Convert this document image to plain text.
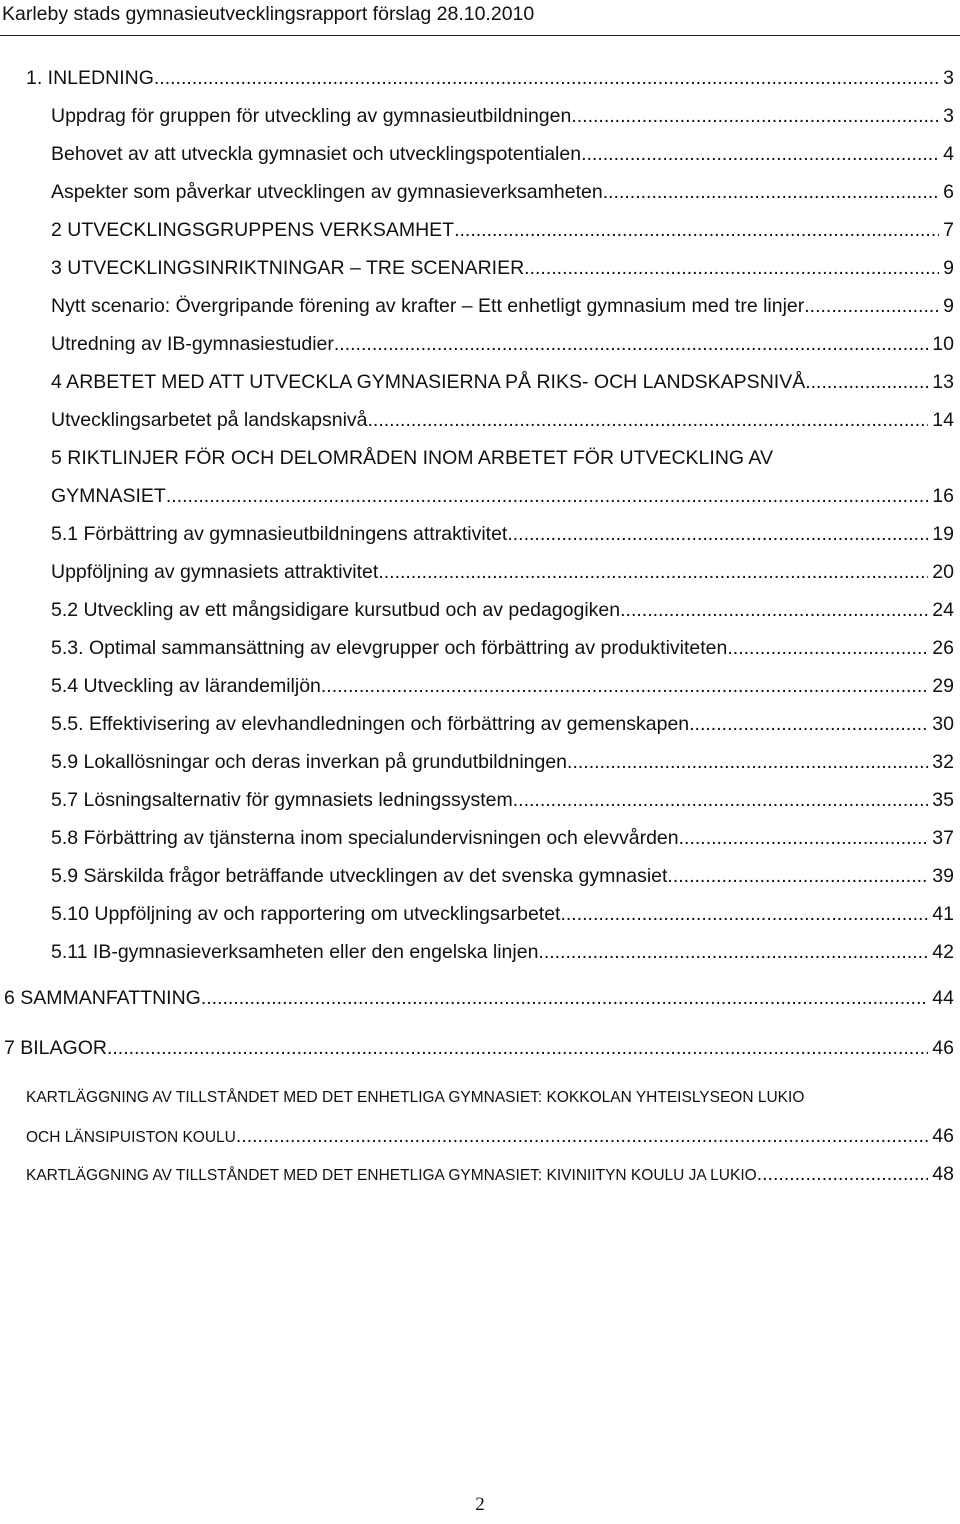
Karleby stads gymnasieutvecklingsrapport förslag 28.10.2010
1. INLEDNING .....	3
Uppdrag för gruppen för utveckling av gymnasieutbildningen .....	3
Behovet av att utveckla gymnasiet och utvecklingspotentialen .....	4
Aspekter som påverkar utvecklingen av gymnasieverksamheten .....	6
2 UTVECKLINGSGRUPPENS VERKSAMHET .....	7
3 UTVECKLINGSINRIKTNINGAR – TRE SCENARIER .....	9
Nytt scenario: Övergripande förening av krafter – Ett enhetligt gymnasium med tre linjer .....	9
Utredning av IB-gymnasiestudier .....	10
4 ARBETET MED ATT UTVECKLA GYMNASIERNA PÅ RIKS- OCH LANDSKAPSNIVÅ .....	13
Utvecklingsarbetet på landskapsnivå .....	14
5 RIKTLINJER FÖR OCH DELOMRÅDEN INOM ARBETET FÖR UTVECKLING AV
GYMNASIET .....	16
5.1 Förbättring av gymnasieutbildningens attraktivitet .....	19
Uppföljning av gymnasiets attraktivitet .....	20
5.2 Utveckling av ett mångsidigare kursutbud och av pedagogiken .....	24
5.3. Optimal sammansättning av elevgrupper och förbättring av produktiviteten .....	26
5.4 Utveckling av lärandemiljön .....	29
5.5. Effektivisering av elevhandledningen och förbättring av gemenskapen .....	30
5.9 Lokallösningar och deras inverkan på grundutbildningen .....	32
5.7 Lösningsalternativ för gymnasiets ledningssystem .....	35
5.8 Förbättring av tjänsterna inom specialundervisningen och elevvården .....	37
5.9 Särskilda frågor beträffande utvecklingen av det svenska gymnasiet .....	39
5.10 Uppföljning av och rapportering om utvecklingsarbetet .....	41
5.11 IB-gymnasieverksamheten eller den engelska linjen .....	42
6 SAMMANFATTNING .....	44
7 BILAGOR .....	46
KARTLÄGGNING AV TILLSTÅNDET MED DET ENHETLIGA GYMNASIET: KOKKOLAN YHTEISLYSEON LUKIO
OCH LÄNSIPUISTON KOULU .....	46
KARTLÄGGNING AV TILLSTÅNDET MED DET ENHETLIGA GYMNASIET: KIVINIITYN KOULU JA LUKIO .....	48
2
